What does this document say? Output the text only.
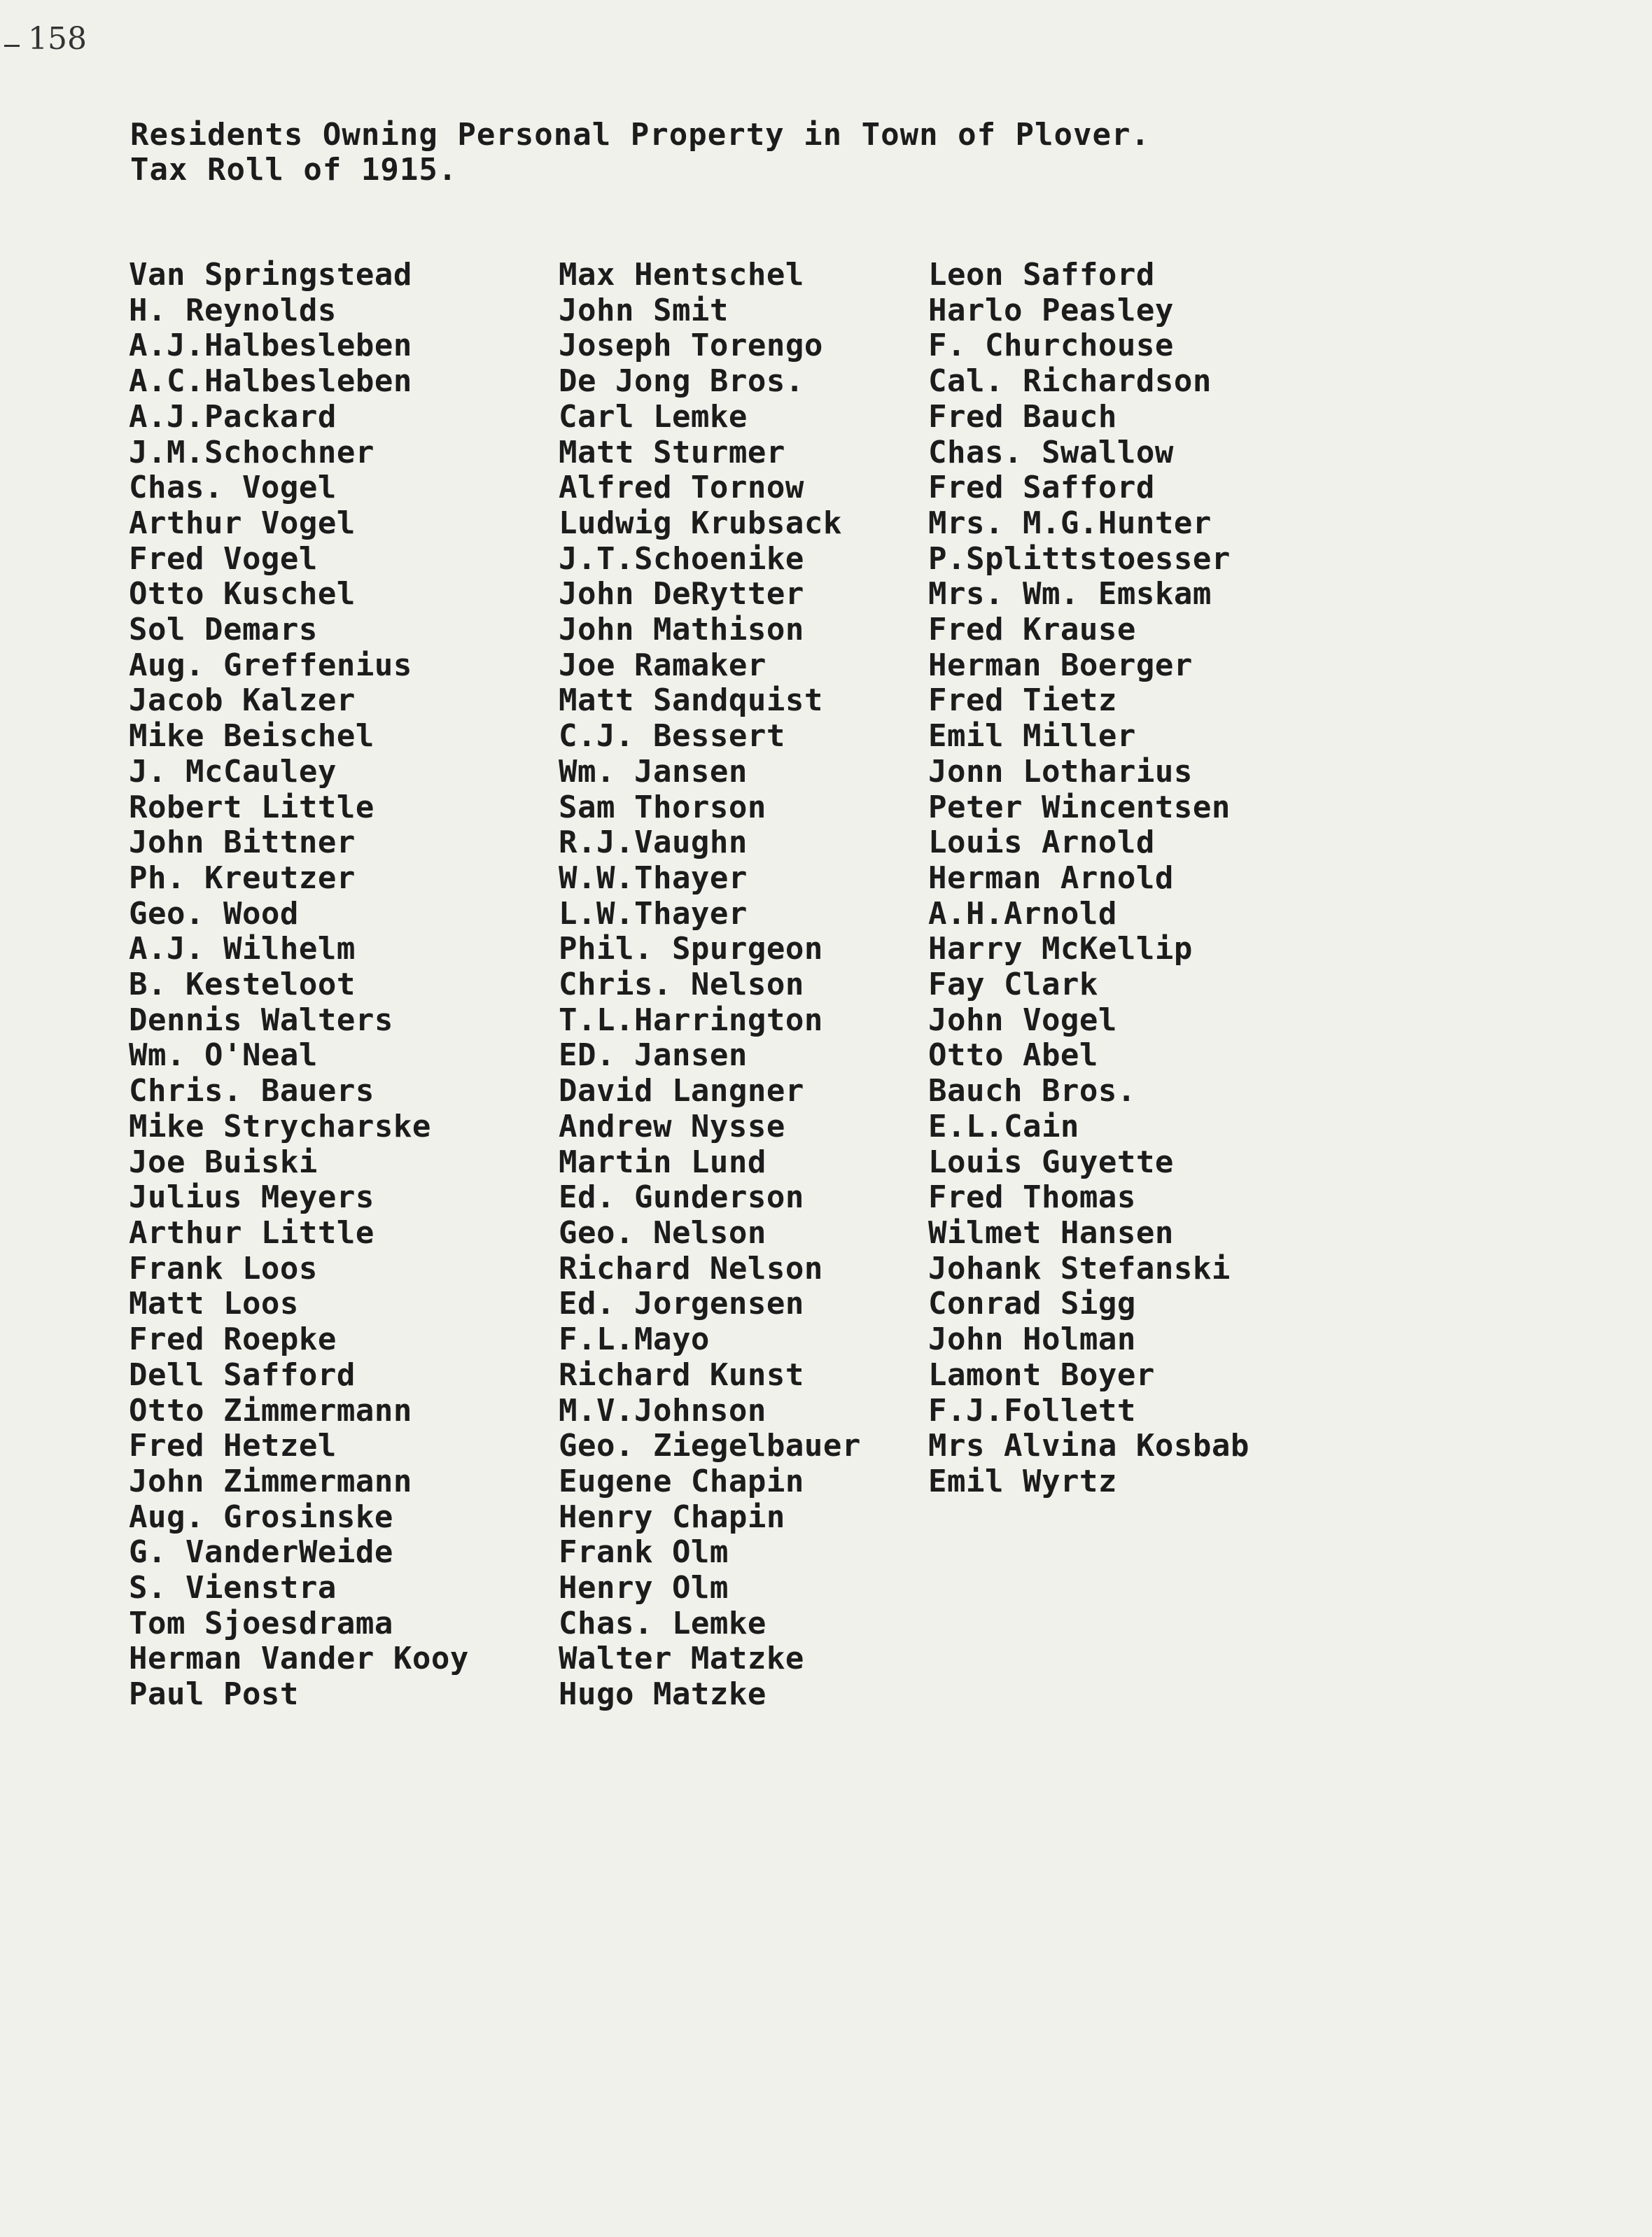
158
Residents Owning Personal Property in Town of Plover.
Tax Roll of 1915.
Van Springstead
H. Reynolds
A.J.Halbesleben
A.C.Halbesleben
A.J.Packard
J.M.Schochner
Chas. Vogel
Arthur Vogel
Fred Vogel
Otto Kuschel
Sol Demars
Aug. Greffenius
Jacob Kalzer
Mike Beischel
J. McCauley
Robert Little
John Bittner
Ph. Kreutzer
Geo. Wood
A.J. Wilhelm
B. Kesteloot
Dennis Walters
Wm. O'Neal
Chris. Bauers
Mike Strycharske
Joe Buiski
Julius Meyers
Arthur Little
Frank Loos
Matt Loos
Fred Roepke
Dell Safford
Otto Zimmermann
Fred Hetzel
John Zimmermann
Aug. Grosinske
G. VanderWeide
S. Vienstra
Tom Sjoesdrama
Herman Vander Kooy
Paul Post
Max Hentschel
John Smit
Joseph Torengo
De Jong Bros.
Carl Lemke
Matt Sturmer
Alfred Tornow
Ludwig Krubsack
J.T.Schoenike
John DeRytter
John Mathison
Joe Ramaker
Matt Sandquist
C.J. Bessert
Wm. Jansen
Sam Thorson
R.J.Vaughn
W.W.Thayer
L.W.Thayer
Phil. Spurgeon
Chris. Nelson
T.L.Harrington
ED. Jansen
David Langner
Andrew Nysse
Martin Lund
Ed. Gunderson
Geo. Nelson
Richard Nelson
Ed. Jorgensen
F.L.Mayo
Richard Kunst
M.V.Johnson
Geo. Ziegelbauer
Eugene Chapin
Henry Chapin
Frank Olm
Henry Olm
Chas. Lemke
Walter Matzke
Hugo Matzke
Leon Safford
Harlo Peasley
F. Churchouse
Cal. Richardson
Fred Bauch
Chas. Swallow
Fred Safford
Mrs. M.G.Hunter
P.Splittstoesser
Mrs. Wm. Emskam
Fred Krause
Herman Boerger
Fred Tietz
Emil Miller
Jonn Lotharius
Peter Wincentsen
Louis Arnold
Herman Arnold
A.H.Arnold
Harry McKellip
Fay Clark
John Vogel
Otto Abel
Bauch Bros.
E.L.Cain
Louis Guyette
Fred Thomas
Wilmet Hansen
Johank Stefanski
Conrad Sigg
John Holman
Lamont Boyer
F.J.Follett
Mrs Alvina Kosbab
Emil Wyrtz
